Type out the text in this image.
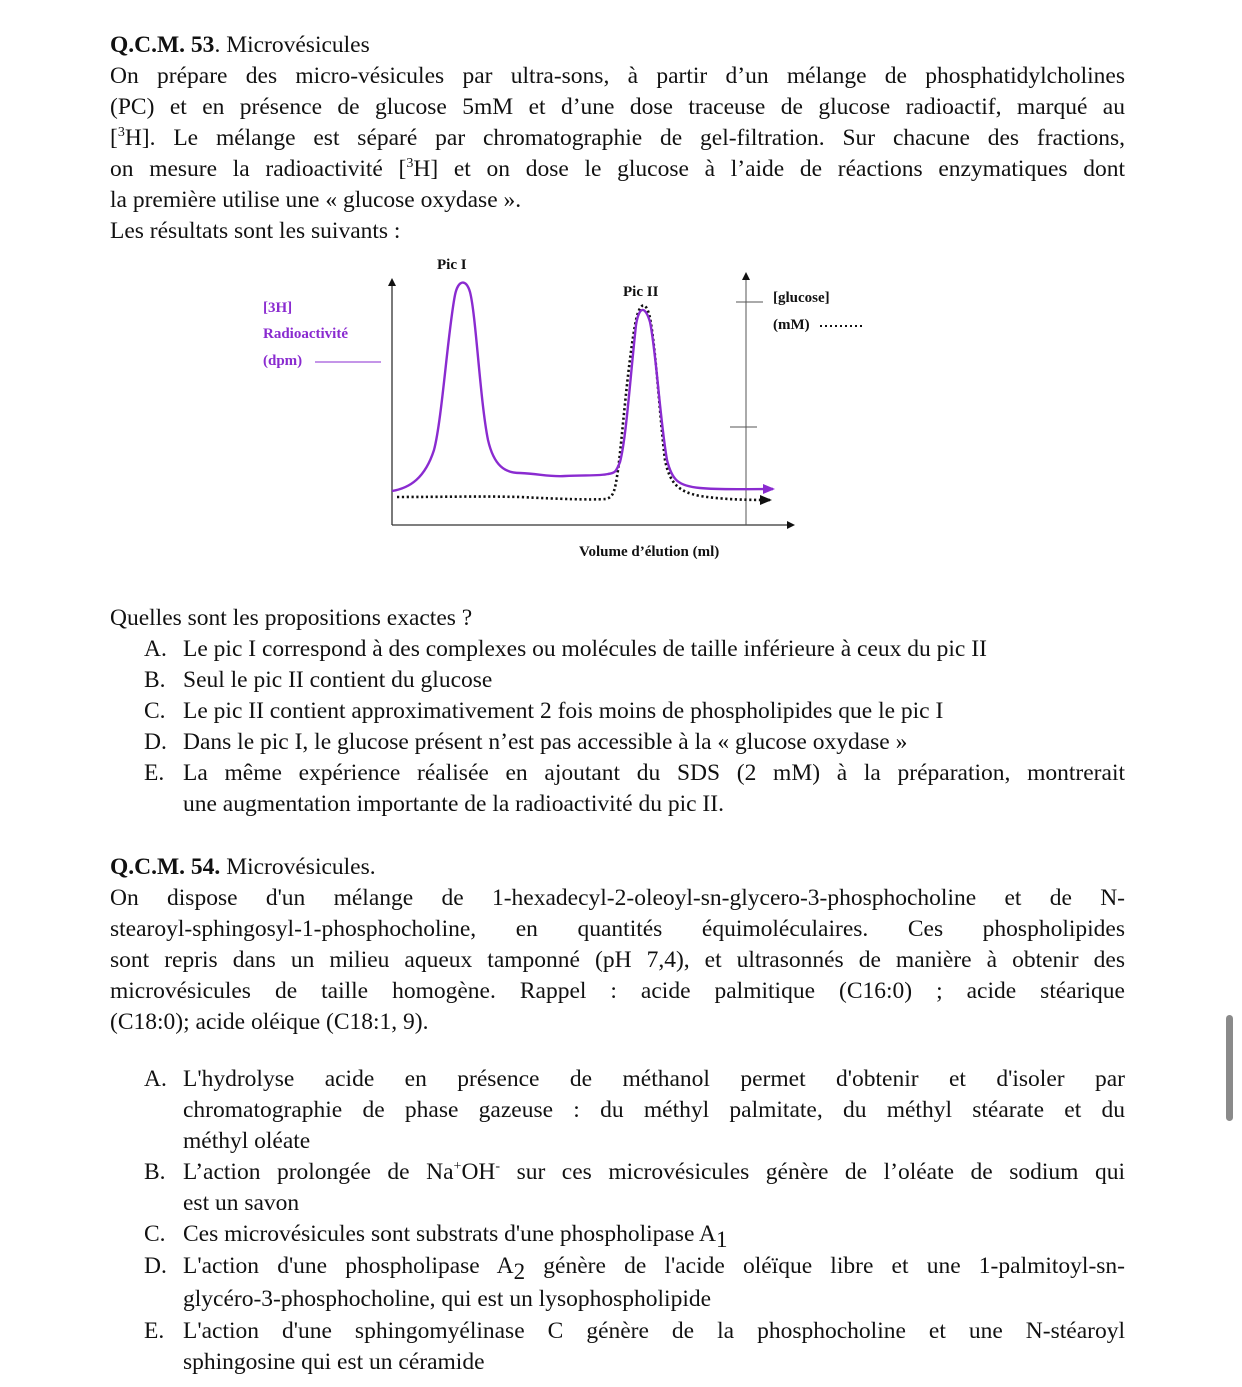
Q.C.M. 53. Microvésicules
On prépare des micro-vésicules par ultra-sons, à partir d’un mélange de phosphatidylcholines
(PC) et en présence de glucose 5mM et d’une dose traceuse de glucose radioactif, marqué au
[$^3$H]. Le mélange est séparé par chromatographie de gel-filtration. Sur chacune des fractions,
on mesure la radioactivité [$^3$H] et on dose le glucose à l’aide de réactions enzymatiques dont
la première utilise une « glucose oxydase ».
Les résultats sont les suivants :
Quelles sont les propositions exactes ?
A. Le pic I correspond à des complexes ou molécules de taille inférieure à ceux du pic II
B. Seul le pic II contient du glucose
C. Le pic II contient approximativement 2 fois moins de phospholipides que le pic I
D. Dans le pic I, le glucose présent n’est pas accessible à la « glucose oxydase »
E. La même expérience réalisée en ajoutant du SDS (2 mM) à la préparation, montrerait
une augmentation importante de la radioactivité du pic II.
Q.C.M. 54. Microvésicules.
On dispose d'un mélange de 1-hexadecyl-2-oleoyl-sn-glycero-3-phosphocholine et de N-
stearoyl-sphingosyl-1-phosphocholine, en quantités équimoléculaires. Ces phospholipides
sont repris dans un milieu aqueux tamponné (pH 7,4), et ultrasonnés de manière à obtenir des
microvésicules de taille homogène. Rappel : acide palmitique (C16:0) ; acide stéarique
(C18:0); acide oléique (C18:1, 9).
A. L'hydrolyse acide en présence de méthanol permet d'obtenir et d'isoler par
chromatographie de phase gazeuse : du méthyl palmitate, du méthyl stéarate et du
méthyl oléate
B. L’action prolongée de Na+OH- sur ces microvésicules génère de l’oléate de sodium qui
est un savon
C. Ces microvésicules sont substrats d'une phospholipase $A_1$
D. L'action d'une phospholipase $A_2$ génère de l'acide oléïque libre et une 1-palmitoyl-sn-
glycéro-3-phosphocholine, qui est un lysophospholipide
E. L'action d'une sphingomyélinase C génère de la phosphocholine et une N-stéaroyl
sphingosine qui est un céramide
Pic I
Pic II
[3H]
Radioactivité
(dpm)
[glucose]
(mM)
Volume d’élution (ml)
